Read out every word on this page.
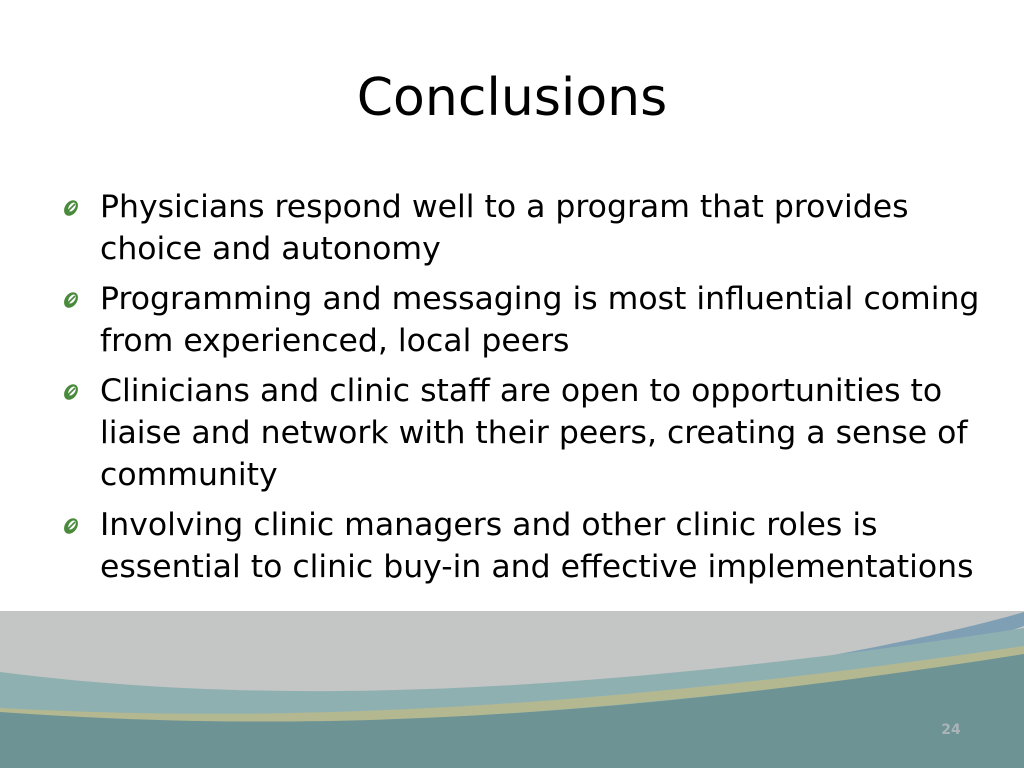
Conclusions
Physicians respond well to a program that provides choice and autonomy
Programming and messaging is most influential coming from experienced, local peers
Clinicians and clinic staff are open to opportunities to liaise and network with their peers, creating a sense of community
Involving clinic managers and other clinic roles is essential to clinic buy-in and effective implementations
24
